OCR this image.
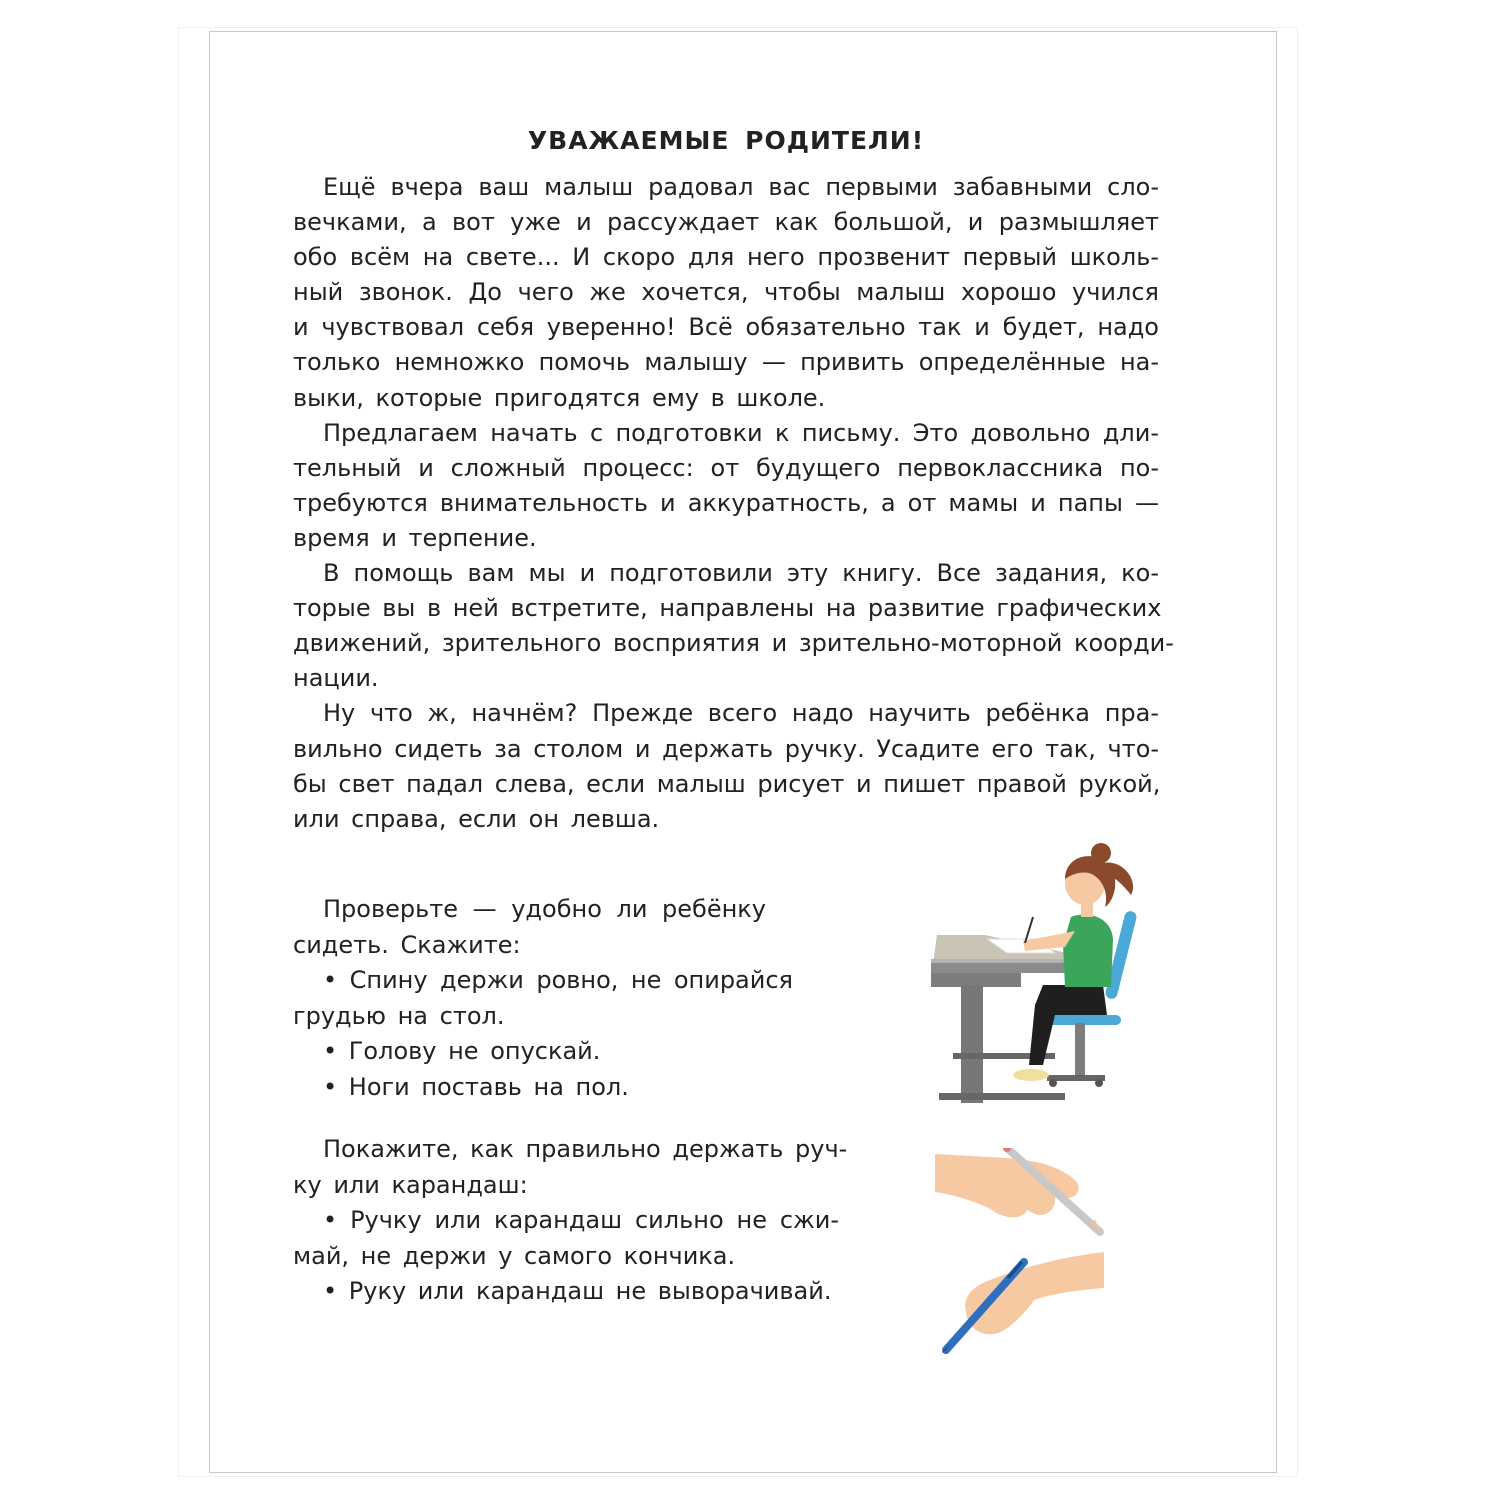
УВАЖАЕМЫЕ РОДИТЕЛИ!
Ещё вчера ваш малыш радовал вас первыми забавными сло-
вечками, а вот уже и рассуждает как большой, и размышляет
обо всём на свете... И скоро для него прозвенит первый школь-
ный звонок. До чего же хочется, чтобы малыш хорошо учился
и чувствовал себя уверенно! Всё обязательно так и будет, надо
только немножко помочь малышу — привить определённые на-
выки, которые пригодятся ему в школе.
Предлагаем начать с подготовки к письму. Это довольно дли-
тельный и сложный процесс: от будущего первоклассника по-
требуются внимательность и аккуратность, а от мамы и папы —
время и терпение.
В помощь вам мы и подготовили эту книгу. Все задания, ко-
торые вы в ней встретите, направлены на развитие графических
движений, зрительного восприятия и зрительно-моторной коорди-
нации.
Ну что ж, начнём? Прежде всего надо научить ребёнка пра-
вильно сидеть за столом и держать ручку. Усадите его так, что-
бы свет падал слева, если малыш рисует и пишет правой рукой,
или справа, если он левша.
Проверьте — удобно ли ребёнку
сидеть. Скажите:
• Спину держи ровно, не опирайся
грудью на стол.
• Голову не опускай.
• Ноги поставь на пол.
Покажите, как правильно держать руч-
ку или карандаш:
• Ручку или карандаш сильно не сжи-
май, не держи у самого кончика.
• Руку или карандаш не выворачивай.
